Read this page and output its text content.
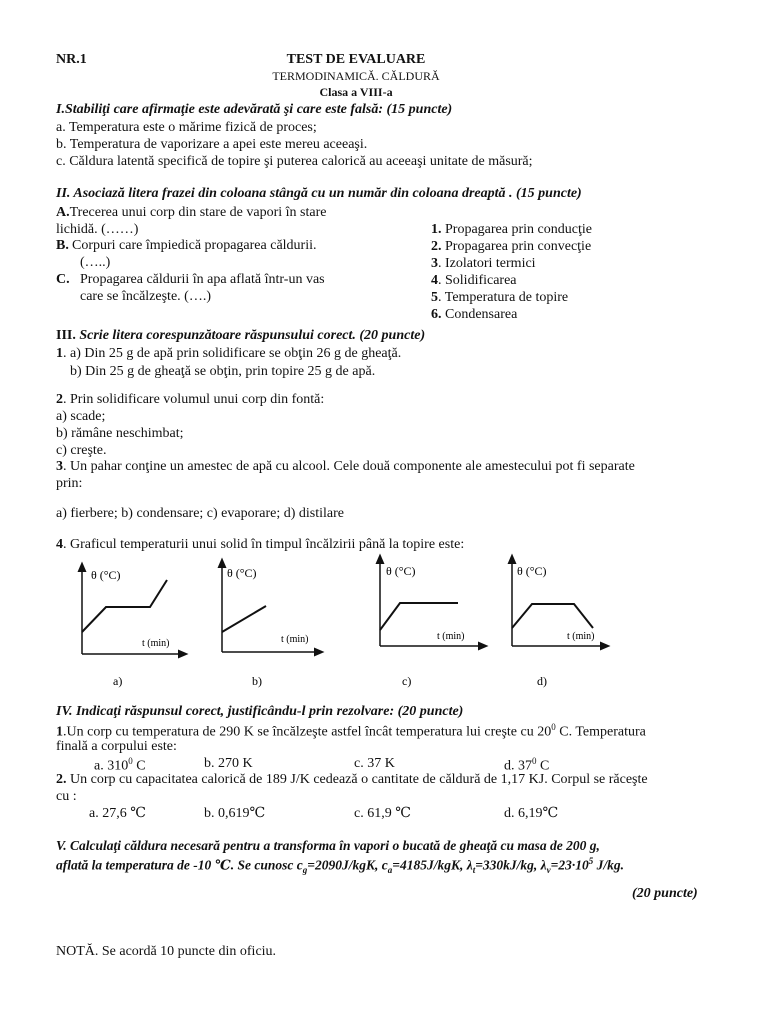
NR.1	TEST DE EVALUARE
TERMODINAMICĂ. CĂLDURĂ
Clasa a VIII-a
I.Stabiliţi care afirmaţie este adevărată şi care este falsă: (15 puncte)
a. Temperatura este o mărime fizică de proces;
b. Temperatura de vaporizare a apei este mereu aceeaşi.
c. Căldura latentă specifică de topire şi puterea calorică au aceeaşi unitate de măsură;
II. Asociază litera frazei din coloana stângă cu un număr din coloana dreaptă . (15 puncte)
A.Trecerea unui corp din stare de vapori în stare
lichidă. (……)
B. Corpuri care împiedică propagarea căldurii.
(…..)
C. Propagarea căldurii în apa aflată într-un vas
care se încălzeşte. (….)
1. Propagarea prin conducţie
2. Propagarea prin convecţie
3. Izolatori termici
4. Solidificarea
5. Temperatura de topire
6. Condensarea
III. Scrie litera corespunzătoare răspunsului corect. (20 puncte)
1. a) Din 25 g de apă prin solidificare se obţin 26 g de gheaţă.
b) Din 25 g de gheaţă se obţin, prin topire 25 g de apă.
2. Prin solidificare volumul unui corp din fontă:
a) scade;
b) rămâne neschimbat;
c) creşte.
3. Un pahar conţine un amestec de apă cu alcool. Cele două componente ale amestecului pot fi separate
prin:
a) fierbere; b) condensare; c) evaporare; d) distilare
4. Graficul temperaturii unui solid în timpul încălzirii până la topire este:
θ (°C)
t (min)
a)
θ (°C)
t (min)
b)
θ (°C)
t (min)
c)
θ (°C)
t (min)
d)
IV. Indicaţi răspunsul corect, justificându-l prin rezolvare: (20 puncte)
1.Un corp cu temperatura de 290 K se încălzeşte astfel încât temperatura lui creşte cu $20^0$ C. Temperatura
finală a corpului este:
a. $310^0$ C	b. 270 K	c. 37 K	d. $37^0$ C
2. Un corp cu capacitatea calorică de 189 J/K cedează o cantitate de căldură de 1,17 KJ. Corpul se răceşte
cu :
a. 27,6 ℃	b. 0,619℃	c. 61,9 ℃	d. 6,19℃
V. Calculaţi căldura necesară pentru a transforma în vapori o bucată de gheaţă cu masa de 200 g,
aflată la temperatura de -10 ℃. Se cunosc $c_g=2090J$/kgK, $c_a=4185J$/kgK, $\lambda_t=330kJ/kg$, $\lambda_v=23\cdot 10^5$ J/kg.
(20 puncte)
NOTĂ. Se acordă 10 puncte din oficiu.
